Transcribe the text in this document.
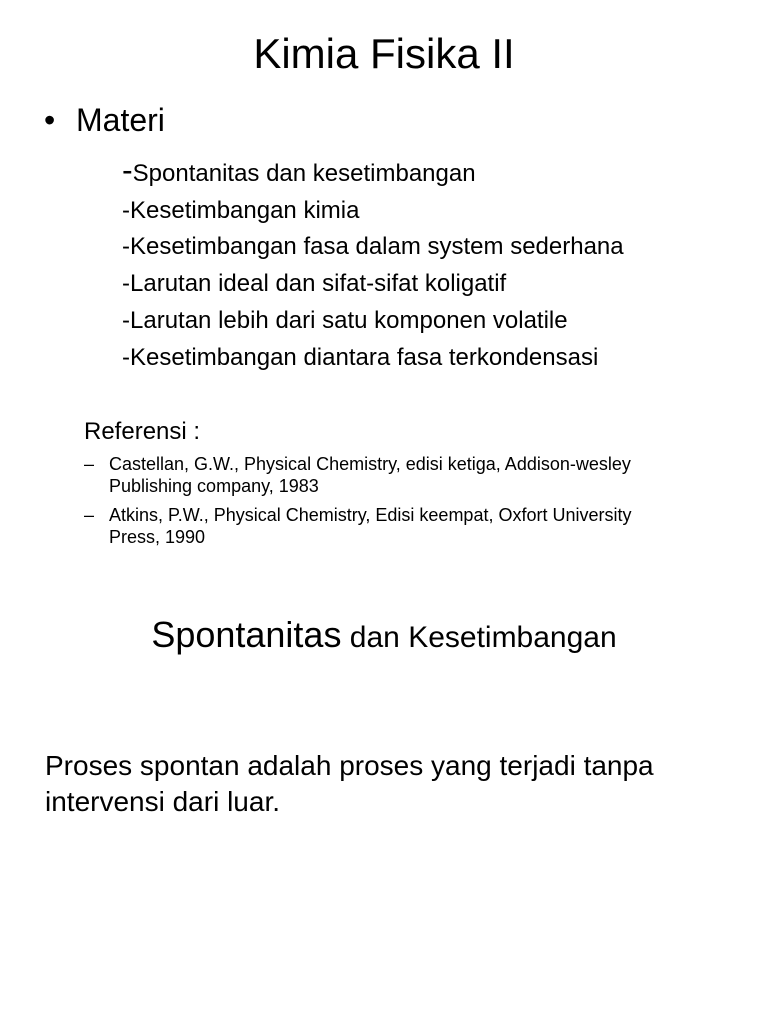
Kimia Fisika II
• Materi
-Spontanitas dan kesetimbangan
-Kesetimbangan kimia
-Kesetimbangan fasa dalam system sederhana
-Larutan ideal dan sifat-sifat koligatif
-Larutan lebih dari satu komponen volatile
-Kesetimbangan diantara fasa terkondensasi
Referensi :
– Castellan, G.W., Physical Chemistry, edisi ketiga, Addison-wesley Publishing company, 1983
– Atkins, P.W., Physical Chemistry, Edisi keempat, Oxfort University Press, 1990
Spontanitas dan Kesetimbangan
Proses spontan adalah proses yang terjadi tanpa intervensi dari luar.
